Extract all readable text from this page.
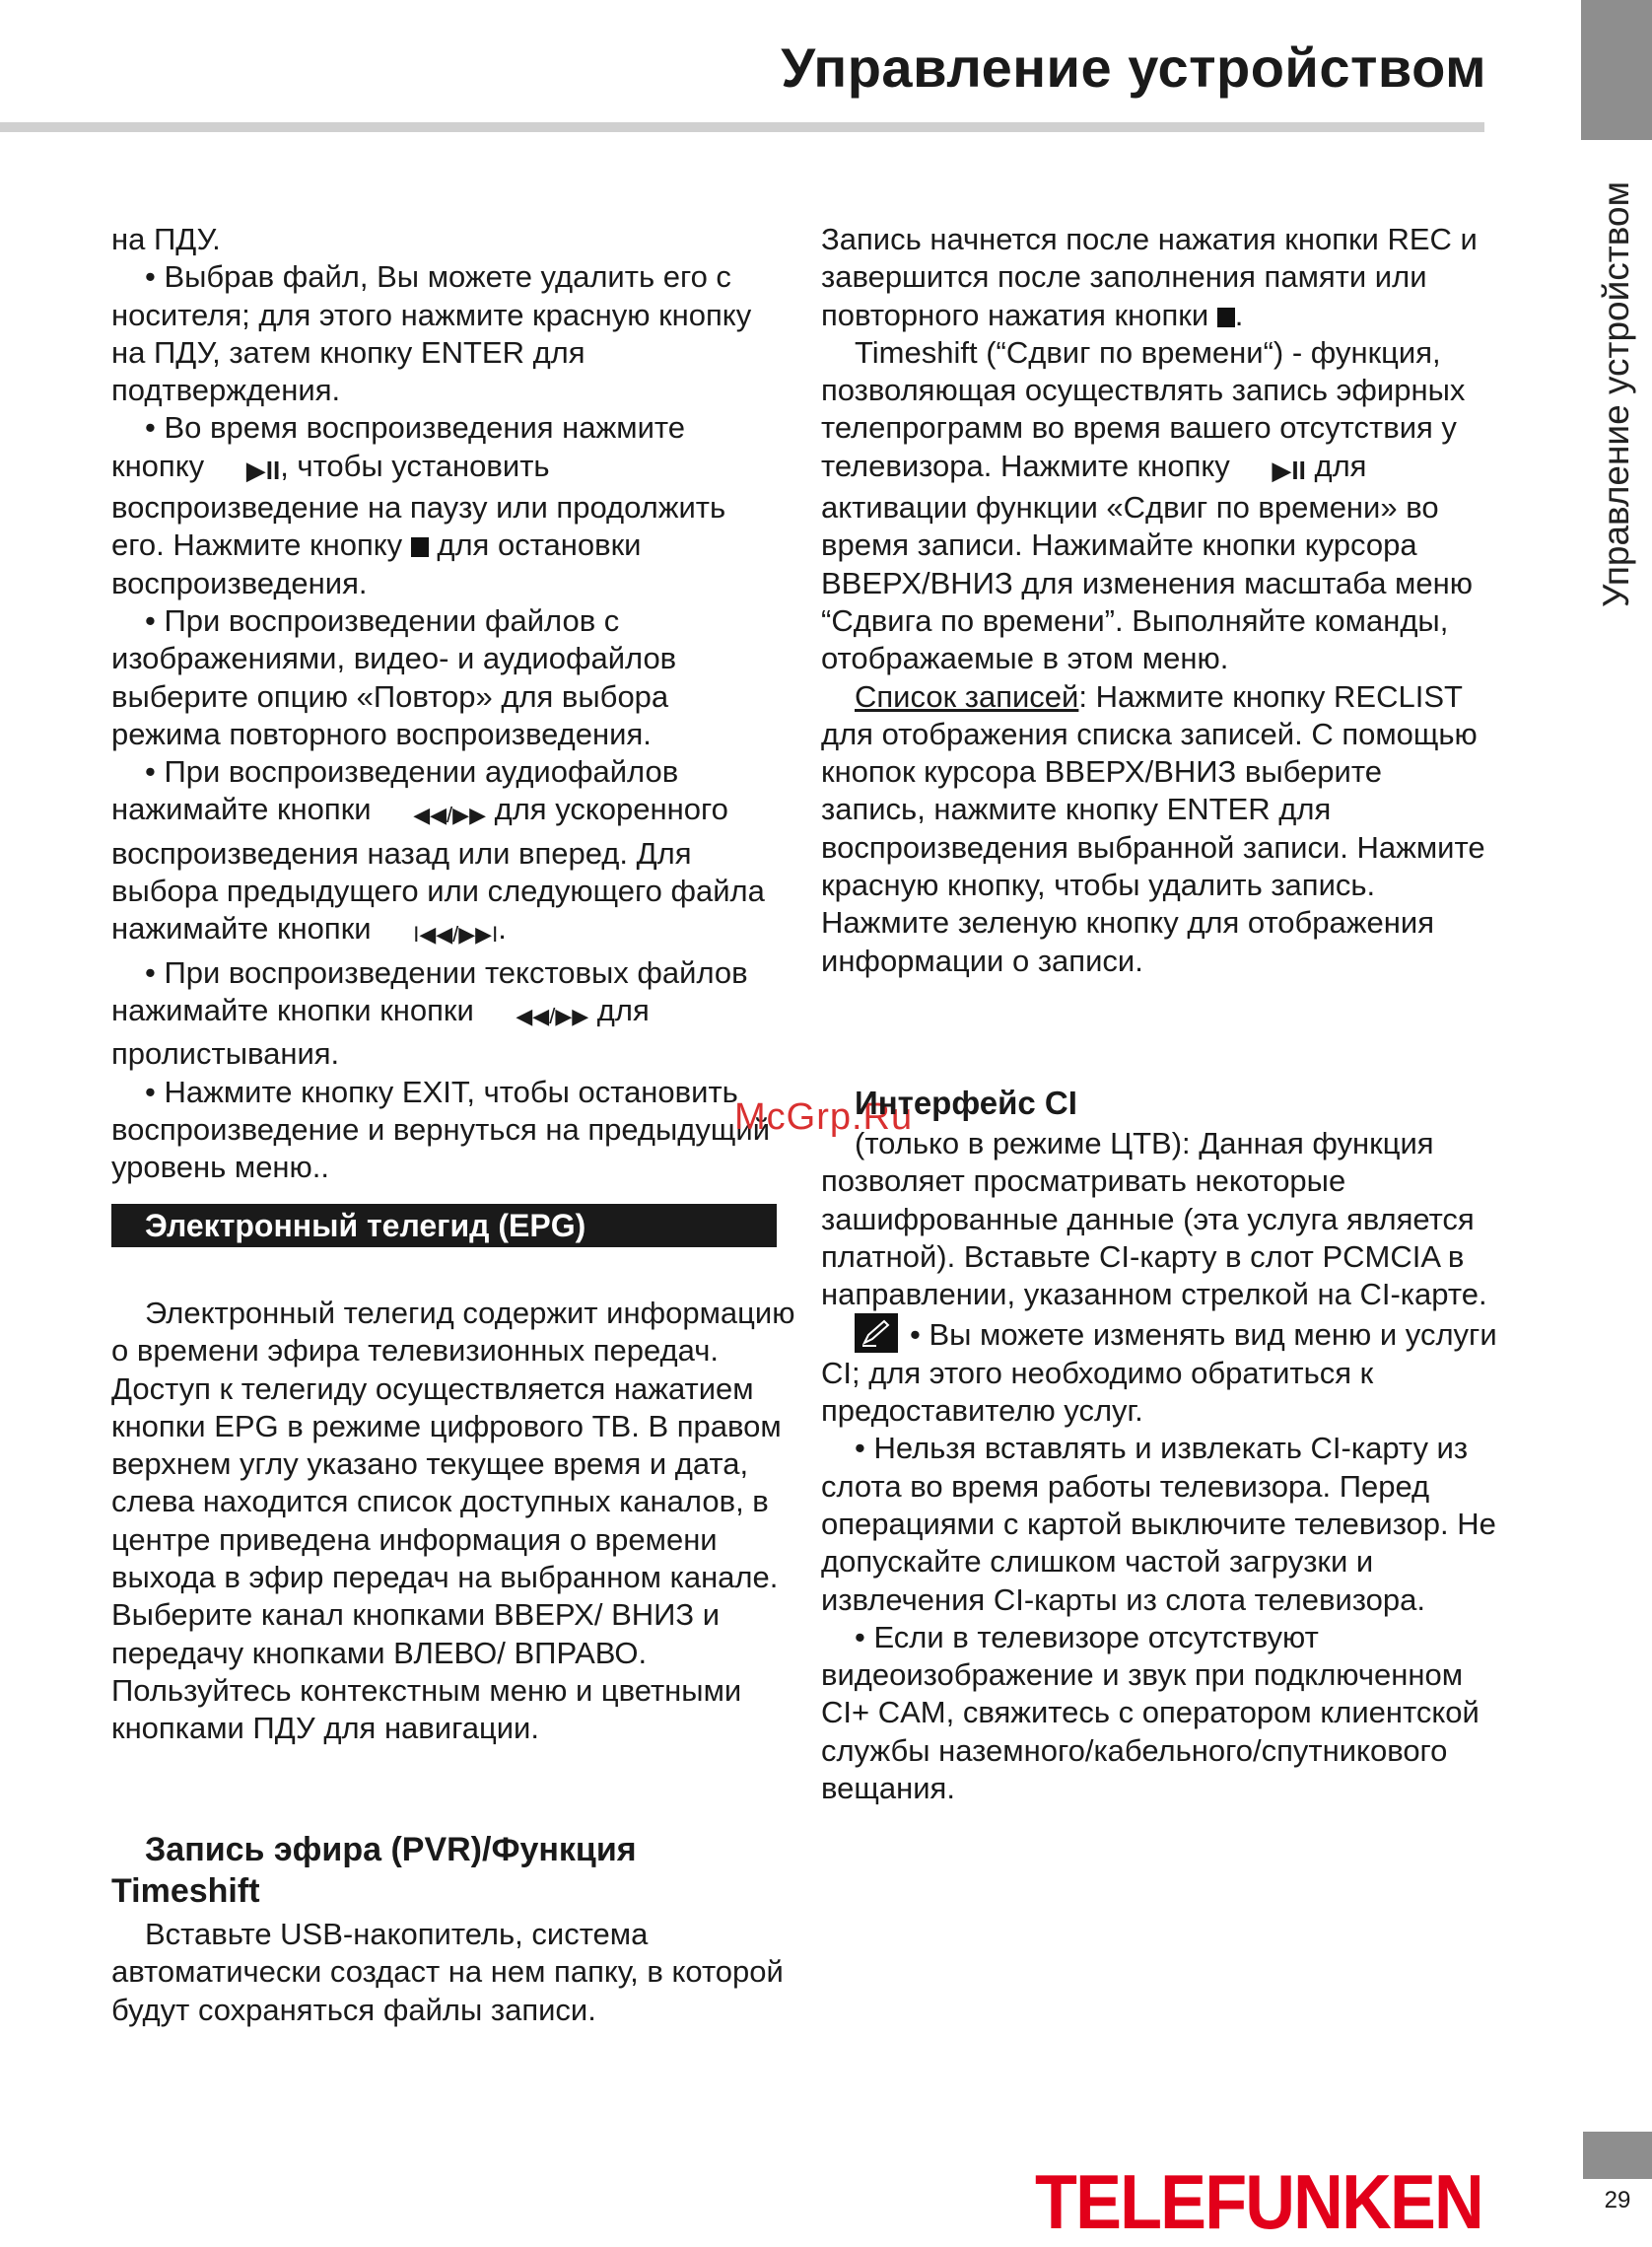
Управление устройством
Управление устройством

на ПДУ.

• Выбрав файл, Вы можете удалить его с носителя; для этого нажмите красную кнопку на ПДУ, затем кнопку ENTER для подтверждения.

• Во время воспроизведения нажмите кнопку ▶II, чтобы установить воспроизведение на паузу или продолжить его. Нажмите кнопку  для остановки воспроизведения.

• При воспроизведении файлов с изображениями, видео- и аудиофайлов выберите опцию «Повтор» для выбора режима повторного воспроизведения.

• При воспроизведении аудиофайлов нажимайте кнопки ◀◀/▶▶ для ускоренного воспроизведения назад или вперед. Для выбора предыдущего или следующего файла нажимайте кнопки I◀◀/▶▶I.

• При воспроизведении текстовых файлов нажимайте кнопки кнопки ◀◀/▶▶ для пролистывания.

• Нажмите кнопку EXIT, чтобы остановить воспроизведение и вернуться на предыдущий уровень меню..

Электронный телегид (EPG)

Электронный телегид содержит информацию о времени эфира телевизионных передач. Доступ к телегиду осуществляется нажатием кнопки EPG в режиме цифрового ТВ. В правом верхнем углу указано текущее время и дата, слева находится список доступных каналов, в центре приведена информация о времени выхода в эфир передач на выбранном канале. Выберите канал кнопками ВВЕРХ/ ВНИЗ и передачу кнопками ВЛЕВО/ ВПРАВО. Пользуйтесь контекстным меню и цветными кнопками ПДУ для навигации.

Запись эфира (PVR)/Функция Timeshift

Вставьте USB-накопитель, система автоматически создаст на нем папку, в которой будут сохраняться файлы записи.

Запись начнется после нажатия кнопки REC и завершится после заполнения памяти или повторного нажатия кнопки .

Timeshift (“Сдвиг по времени“) - функция, позволяющая осуществлять запись эфирных телепрограмм во время вашего отсутствия у телевизора. Нажмите кнопку ▶II для активации функции «Сдвиг по времени» во время записи. Нажимайте кнопки курсора ВВЕРХ/ВНИЗ для изменения масштаба меню “Сдвига по времени”. Выполняйте команды, отображаемые в этом меню.

Список записей: Нажмите кнопку RECLIST для отображения списка записей. С помощью кнопок курсора ВВЕРХ/ВНИЗ выберите запись, нажмите кнопку ENTER для воспроизведения выбранной записи. Нажмите красную кнопку, чтобы удалить запись. Нажмите зеленую кнопку для отображения информации о записи.

McGrp.Ru
Интерфейс CI

(только в режиме ЦТВ): Данная функция позволяет просматривать некоторые зашифрованные данные (эта услуга является платной). Вставьте CI-карту в слот PCMCIA в направлении, указанном стрелкой на CI-карте.

• Вы можете изменять вид меню и услуги CI; для этого необходимо обратиться к предоставителю услуг.

• Нельзя вставлять и извлекать CI-карту из слота во время работы телевизора. Перед операциями с картой выключите телевизор. Не допускайте слишком частой загрузки и извлечения CI-карты из слота телевизора.

• Если в телевизоре отсутствуют видеоизображение и звук при подключенном CI+ CAM, свяжитесь с оператором клиентской службы наземного/кабельного/спутникового вещания.

TELEFUNKEN	29
